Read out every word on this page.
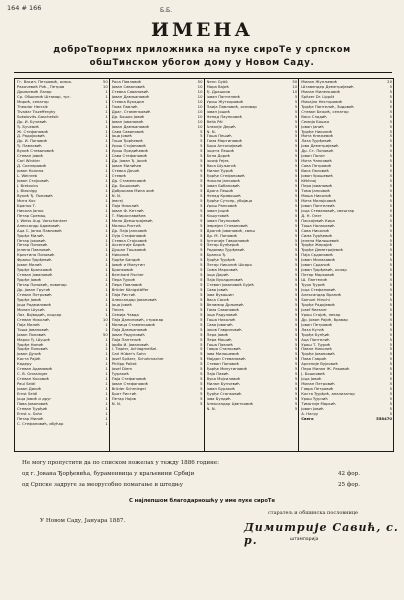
164 # 166	Б.Б.
ИМЕНА
доброТворних приложника на пуке сироТе у српском
обшТинском убогом дому у Новом Саду.
Гг. Васил. Петровић, освох.	50
Ракочевић Роћ., Петров	10
Дрињемић Лазар	1
Ср. Обшинић Штамар, трг.	1
Мирић, сенатор	1
Theodor Hercsik	1
Tivadar Tiszefferghy	1
Sokolovits-Goschetsik	1
Др. И. Бучевић	1
Ђ. Бучевић	1
Ж. Стефановић	1
Д. Радојковић	1
Др. И. Поповић	1
Ђ. Павловић	1
Вукић Стевановић	1
Стеван Јовић	1
Carl Winkler	1
Д. Скелеровић	1
Јован Колина	1
L. Weinreb	1
Јован Стојковић	1
J. Bretovics	1
J. Blasnigg	1
Вукић Ђ. Поповић	1
Мита Кос	1
Бранко Т.	1
Никола Јанко	1
Петар Сремац	1
J. Weiss Aug. Vorschantzer	1
Александр Адамовић	1
Аца С. Јанко Павловић	1
Ђорђе Милић	1
Петар Јоковић	1
Петар Поповић	1
Јелена Павловић	1
Кристина Поповић	1
Фрањо Ђорђевић	1
Јован Милић	1
Ђорђе Бранковић	1
Стеван Јовановић	1
Ђорђе Јовић	1
Петар Поповић, новинар	1
Др. Јован Гругић	1
Стеван Петровић	1
Ђорђе Јовић	1
Јоца Радмиловић	1
Милан Шукић	1
Лаз. Војводић, коцкар	1
Стеван Николић	10
Паја Милић	1
Тоша Јовановић	1
Јован Поповић	50
Марко Ђ. Шуцић	1
Ђорђе Нинић	1
Ђорђе Поповић	1
Јован Дучић	1
Коста Рајић	1
Кадеру	1
Стеван Адамовић	1
C. B. Grossinger	1
Стеван Косовић	1
Paul Seidl	1
Јован Дикић	1
Ernst Seidl	1
Јоца Јовић и друг	1
Пава Јовановић	1
Стеван Ђурђић	1
Ernst u. Sohn	1
Петар Милић	1
С. Стефановић, обућар	1
Роса Павловић	50
Јован Савановић	10
Стевка Савановић	10
Јован Дамњановић	10
Стевка Вукадин	10
Тома Павлић	10
Драг. Стаменковић	10
Др. Бошко Јовић	10
Јован Јовановић	10
Јован Дамњановић	10
Сава Савановић	5
Јоца Јовић	5
Тоша Ђорђевић	5
Урош Стојановић	5
Урош Предићевић	5
Сава Стефановић	5
Др. Јован Ђ. Јосић	5
Јован Милићев	5
Стевка Дочић	5
Стевић	5
Др. Стаменковић	5
Др. Бошковић	5
Добросава Мила жић	5
N. N.	5
Јевгеј	5
Паја Николић	5
Јован Ф. Кетлић	5
Т. Мирославићев	5
Мила Демштрајевић	5
Милош Ристић	5
Др. Паја Јанковић	5
Луја Стефановић	5
Стевка Стојковић	5
Аксентије Барић	5
Душан Тошковић	5
Николић	5
Ђорђе Бандић	5
Јовић и Милутин	5
Бранковић	5
Bernhard Fischer	5
Пера Ђукић	5
Пера Павловић	5
Brüder Königstäffer	5
Паја Ристић	5
Александар Јовановић	5
Јоца Јовић	5
Tieces	5
Семија Чавда	5
Паја Даниловић, стражар	5
Милица Стаменковић	5
Паја Дамњановић	5
Јован Радуловић	5
Паја Пантелић	5
Јарбо И. Јовановић	5
I. Tiapler, Achlagmeißel.	5
Carl Hüber's Sohn	5
Josef Spitzer, Schuhmacher	5
Philipp Pollak	5
Josef Diem	5
Ђуракић	5
Паја Стефановић	5
Јован Стефановић	5
Brüder Schmiegel	5
Брат Ристић	5
Петар Нојов	5
N. N.	5
Nenn Gyöö	50
Мара Вајић	10
Ђ. Драшков	10
Јован Пантелеић	5
Урош Жуткоровић	5
Паија Павловић, оснивар	5
Јован Јошић	5
Ненад Паунковић	5
Bella Pál	5
Алекеје Дерић	5
N. N.	5
Тоша Пешић	5
Тома Мартиновић	5
Бора Антонијевић	5
Јоцета Пешић	5
Бела Дорић	5
Јосиф Fejes	5
Васа Шуљагић	5
Милан Ђурић	5
Ђорђе Стефановић	5
Никола Јанковић	5
Јован Бобановић	5
Драга Пешић	5
Ненад Кривошић	5
Ђорђе Сутопр, убојица	5
Урош Ранковић	5
Јован Јоцић	5
Кошутовић	5
Јован Паунковић	5
Јеврејин Стевановић	5
Драгић Јовановић, свеш	5
Др. М. Поповић	5
Антоније Гавриловић	5
Петар Бунђерић	5
Радомир Ђурђевић	5
Бранко Ђ.	5
Ђорђе Ђурђић	5
Петар Николић Шкаро	5
Сима Марковић	5
Јоца Дорић	5
Паја Вукадиновић	5
Стеван Јовановић Бујић	5
Сава Јовић	5
Јова Вукашин	5
Васа Сасић	5
Велимир Дрњевић	5
Тома Савановић	5
Јоца Радуловић	5
Тоша Николић	5
Сава Јованић	5
Јаков Гавриловић	5
Пера Јовић	5
Пера Мошић	5
Тоша Павлић	5
Гавра Станковић	5
Јова Милошевић	5
Мајдан Стевановић	5
Стеван Поповић	5
Ђорђе Милутиновић	5
Паја Павић	5
Вука Мојсиловић	5
Милан Бунчевић	5
Јован Буракић	5
Ђурђе Станковић	5
Јова Бундић	5
Александар Цветковић	5
N. N.	5
Милан Жупљевић	20
Штавендер Деметријевић	5
Милан Миленковић	5
Spitzer Dr. Lippót	5
Михајло Несторовић	5
Ђорђе Пантелић, Зидовић	5
Стеван Бежић, сенатор	5
Васо Сладић	5
Семија Бошко	5
Јован Јанић	5
Ђорђе Николић	5
Мита Кнежевић	5
Лаза Ђурђевић	5
Јова Деметријевић	5
Др. Ст. Поповић	5
Јован Полат	5
Мита Чанковић	5
Сава Петровић	5
Васа Лаловић	5
Јован Урошевић	5
Kékhnoj	5
Пера Јовановић	5
Тома Јанковић	5
Миша Николић	5
Мита Милојковић	5
Јован Пантелеић	5
Јоца Стевановић, свештар	5
Д. Н. Олег	5
Паскојевић Кира	5
Тоша Налаковић	5
Сава Николић	5
Сима Ђурђевић	5
Јелена Милошевић	5
Ђорђе Жерајић	5
Ђорђе Деметријевић	5
Паја Срдановић	5
Јован Милаковић	5
Јован Срдачић	5
Јован Ђорђевић, колар	5
Петар Марковић	5
Ш. Пантелић	5
Ђуро Ђурић	5
Јоца Стефановић	5
Александар Вранић	5
Samuel Hirschl	5
Ђорђе Радојевић	5
Josef Reesner	5
Урош Стојић, пекар	5
Др. Јован Рајић, бравар	5
Јован Петровић	5
Лаза Кутић	5
Ђорђе Бунђић	5
Аца Пантелић	5
Урош Т. Ђурић	5
Павле Николић	5
Ђорђе Јовановић	5
Пава Гаврић	5
Арсеније Вујковић	5
Пера Милан Ж. Раковић	5
Ј. Бошковић	5
Јоца Јовић	5
Милан Петровић	5
Гавра Петровић	5
Коста Ђурђић, анализатор	5
Урош Ђурчић	5
Тимотије Маркић	5
Јован Јовић	5
А. Нагру	5
Свега	558470
Не могу пропустити да по списком пожелах у тежду 1886 године:
од г. Јована Ђорђевића, бураменвица у краљевини Србији	42 фор.
од Српске задруге за меорусобно помагање и штедњу	25 фор.
С најлепшом благодарношћу у име пуке сироТе
У Новом Саду, Јануара 1887.
старатељ и обшинска пословнице
Димитрије Савић, с. р.	штампарија
